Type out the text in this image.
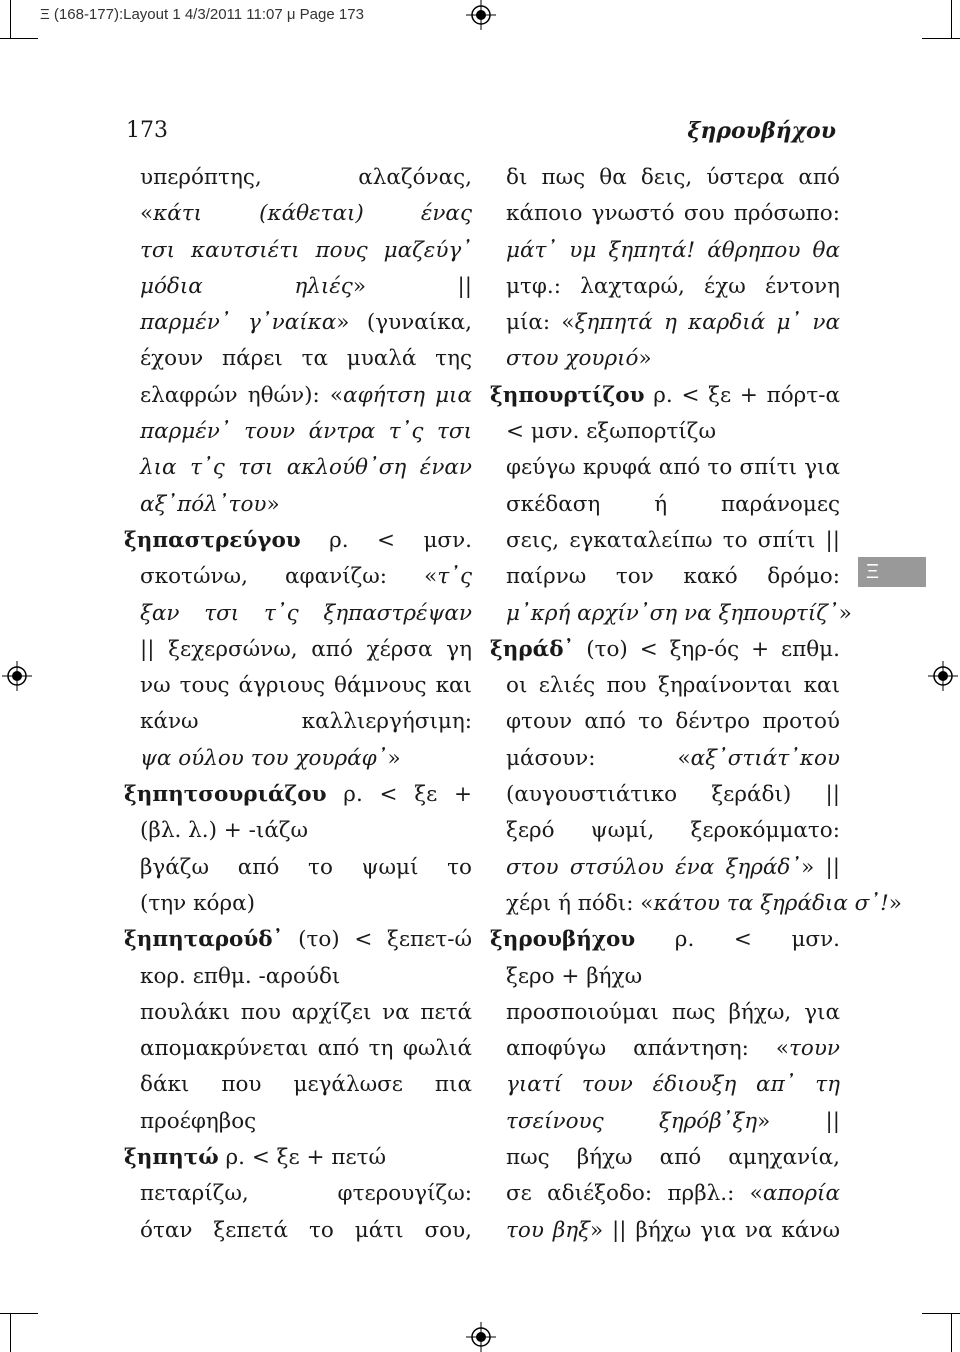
Ξ (168-177):Layout 1 4/3/2011 11:07 μ Page 173
173	ξηρουβήχου
υπερόπτης, αλαζόνας,
«κάτι (κάθεται) ένας
τσι καυτσιέτι πους μαζεύγ᾽
μόδια ηλιές» ||
παρμέν᾽ γ᾽ναίκα» (γυναίκα,
έχουν πάρει τα μυαλά της
ελαφρών ηθών): «αφήτση μια
παρμέν᾽ τουν άντρα τ᾽ς τσι
λια τ᾽ς τσι ακλούθ᾽ση έναν
αξ᾽πόλ᾽του»
ξηπαστρεύγου ρ. < μσν.
σκοτώνω, αφανίζω: «τ᾽ς
ξαν τσι τ᾽ς ξηπαστρέψαν
|| ξεχερσώνω, από χέρσα γη
νω τους άγριους θάμνους και
κάνω καλλιεργήσιμη:
ψα ούλου του χουράφ᾽»
ξηπητσουριάζου ρ. < ξε +
(βλ. λ.) + -ιάζω
βγάζω από το ψωμί το
(την κόρα)
ξηπηταρούδ᾽ (το) < ξεπετ-ώ
κορ. επθμ. -αρούδι
πουλάκι που αρχίζει να πετά
απομακρύνεται από τη φωλιά
δάκι που μεγάλωσε πια
προέφηβος
ξηπητώ ρ. < ξε + πετώ
πεταρίζω, φτερουγίζω:
όταν ξεπετά το μάτι σου,
δι πως θα δεις, ύστερα από
κάποιο γνωστό σου πρόσωπο:
μάτ᾽ υμ ξηπητά! άθρηπου θα
μτφ.: λαχταρώ, έχω έντονη
μία: «ξηπητά η καρδιά μ᾽ να
στου χουριό»
ξηπουρτίζου ρ. < ξε + πόρτ-α
< μσν. εξωπορτίζω
φεύγω κρυφά από το σπίτι για
σκέδαση ή παράνομες
σεις, εγκαταλείπω το σπίτι ||
παίρνω τον κακό δρόμο:
μ᾽κρή αρχίν᾽ση να ξηπουρτίζ᾽»
ξηράδ᾽ (το) < ξηρ-ός + επθμ.
οι ελιές που ξηραίνονται και
φτουν από το δέντρο προτού
μάσουν: «αξ᾽στιάτ᾽κου
(αυγουστιάτικο ξεράδι) ||
ξερό ψωμί, ξεροκόμματο:
στου στσύλου ένα ξηράδ᾽» ||
χέρι ή πόδι: «κάτου τα ξηράδια σ᾽!»
ξηρουβήχου ρ. < μσν.
ξερο + βήχω
προσποιούμαι πως βήχω, για
αποφύγω απάντηση: «τουν
γιατί τουν έδιουξη απ᾽ τη
τσείνους ξηρόβ᾽ξη» ||
πως βήχω από αμηχανία,
σε αδιέξοδο: πρβλ.: «απορία
του βηξ» || βήχω για να κάνω
Ξ
